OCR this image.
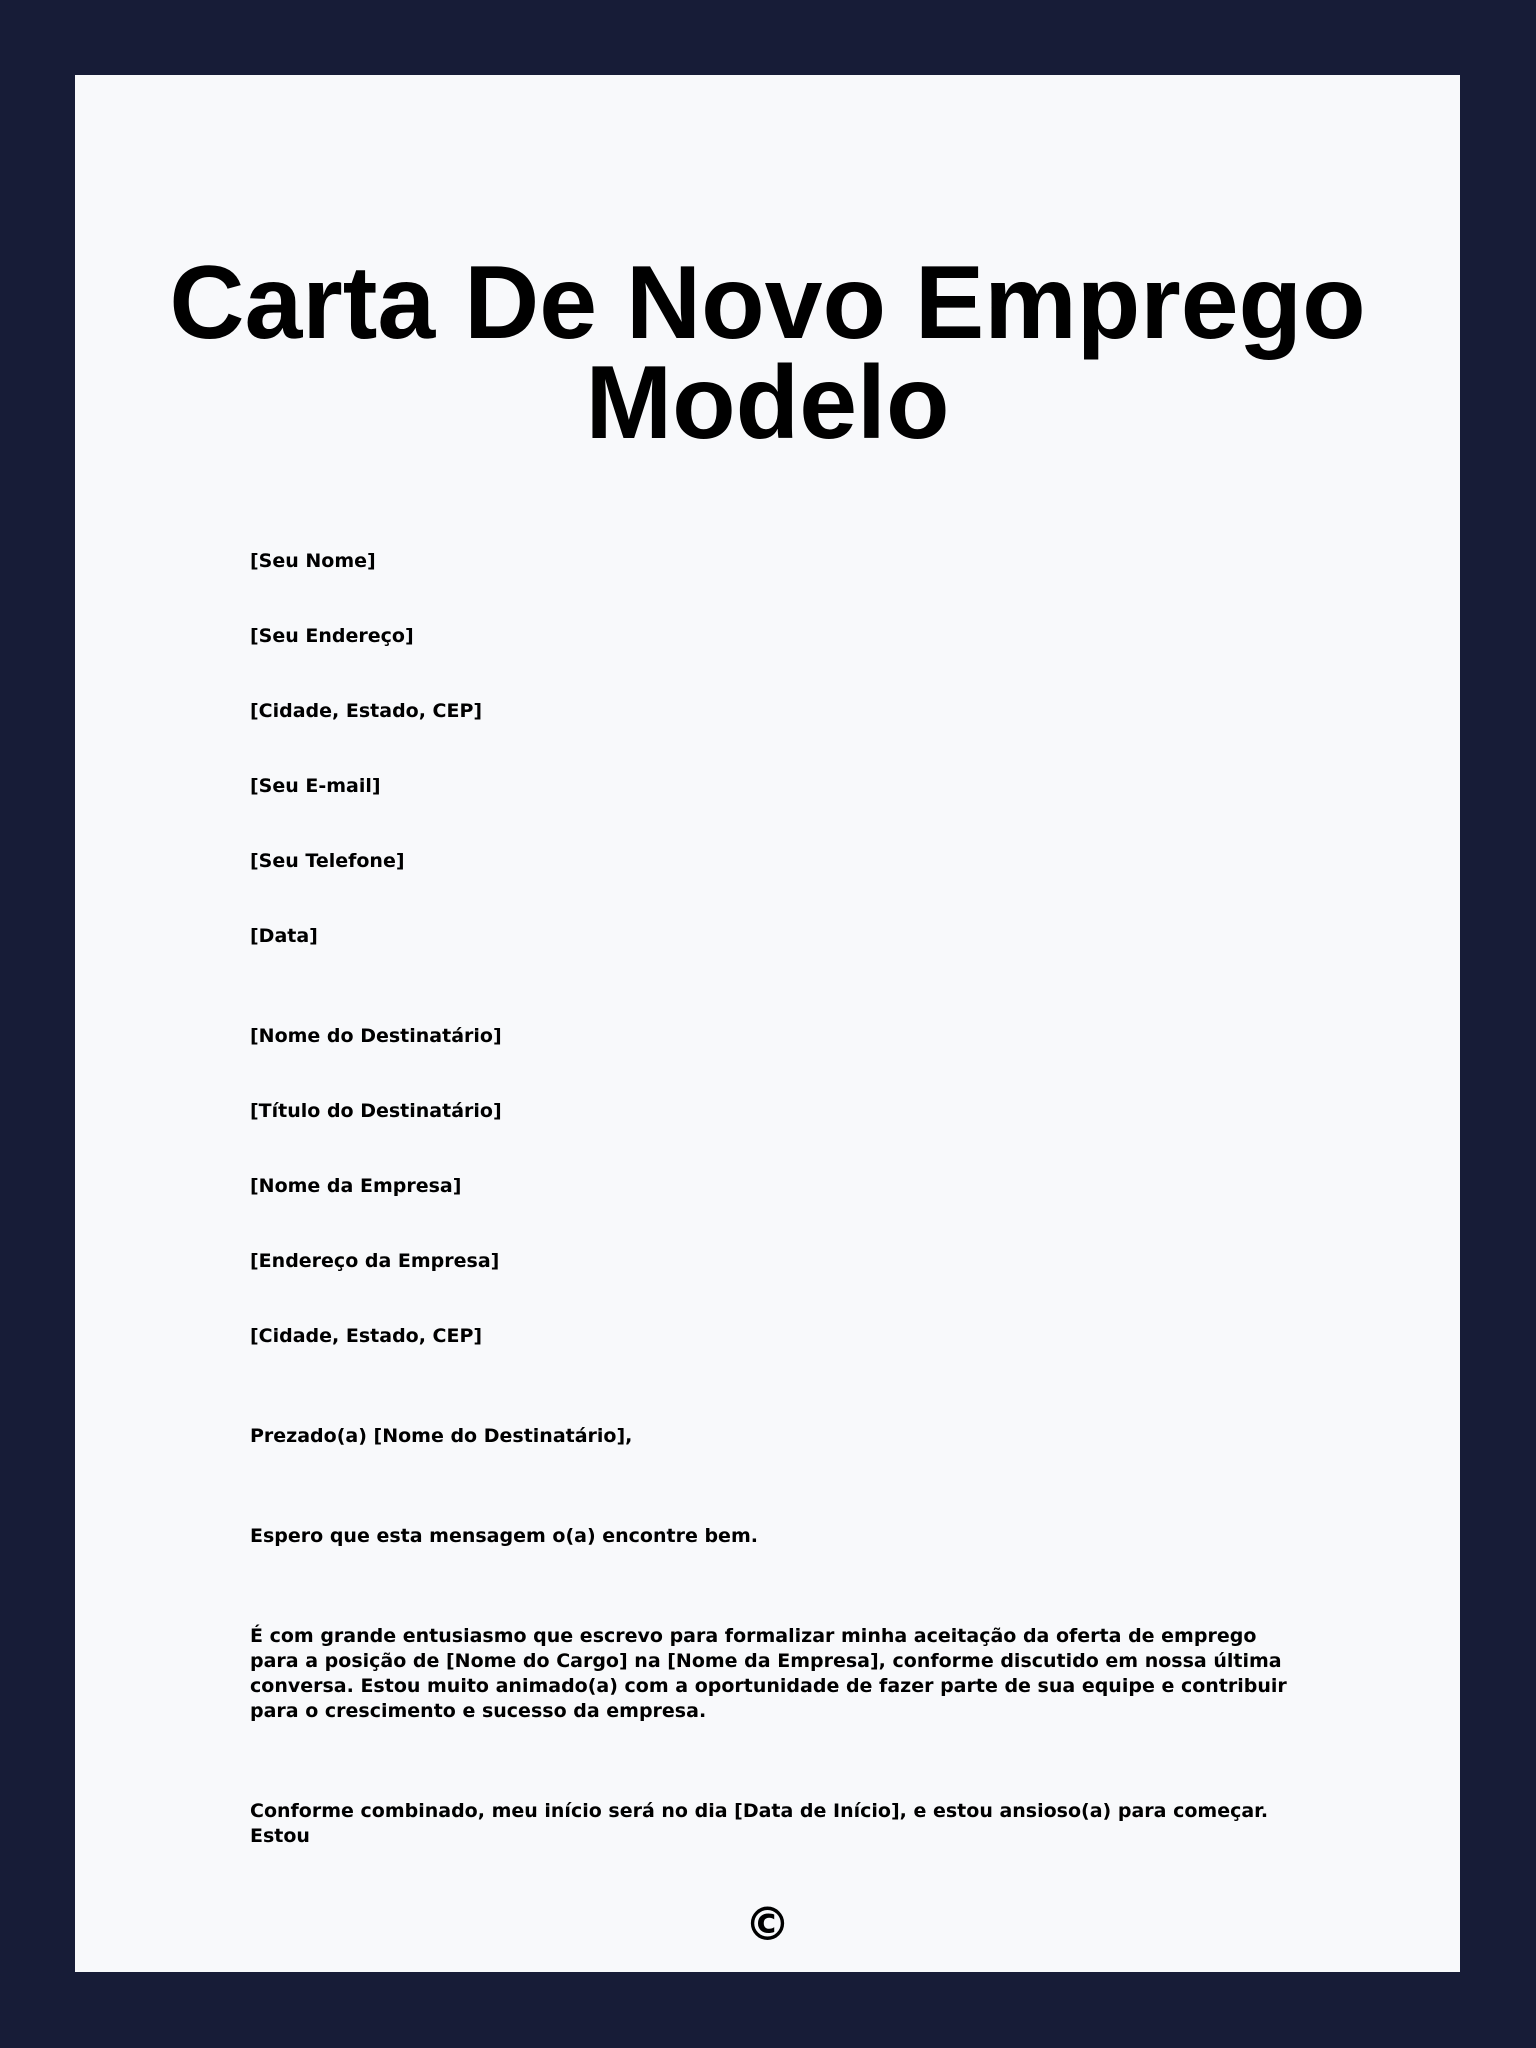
Carta De Novo Emprego
Modelo
[Seu Nome]
[Seu Endereço]
[Cidade, Estado, CEP]
[Seu E-mail]
[Seu Telefone]
[Data]
[Nome do Destinatário]
[Título do Destinatário]
[Nome da Empresa]
[Endereço da Empresa]
[Cidade, Estado, CEP]
Prezado(a) [Nome do Destinatário],
Espero que esta mensagem o(a) encontre bem.
É com grande entusiasmo que escrevo para formalizar minha aceitação da oferta de emprego para a posição de [Nome do Cargo] na [Nome da Empresa], conforme discutido em nossa última conversa. Estou muito animado(a) com a oportunidade de fazer parte de sua equipe e contribuir para o crescimento e sucesso da empresa.
Conforme combinado, meu início será no dia [Data de Início], e estou ansioso(a) para começar. Estou
©
